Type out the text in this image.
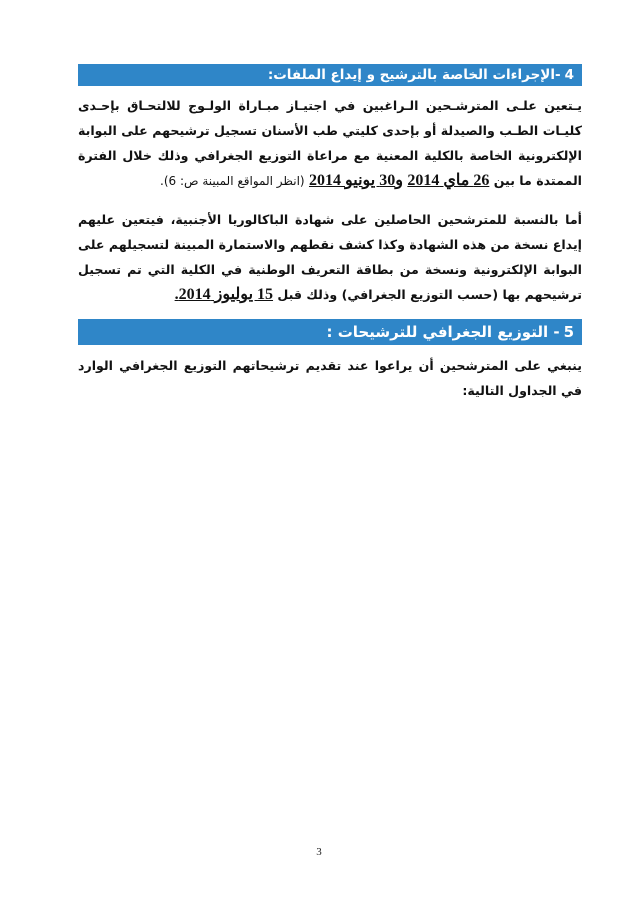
4
-الإجراءات الخاصة بالترشيح و إيداع الملفات:
يـتعين علـى المترشـحين الـراغبين في اجتيـاز مبـاراة الولـوج للالتحـاق بإحـدى كليـات الطـب والصيدلة أو بإحدى كليتي طب الأسنان تسجيل ترشيحهم على البوابة الإلكترونية الخاصة بالكلية المعنية مع مراعاة التوزيع الجغرافي وذلك خلال الفترة الممتدة ما بين 26 ماي 2014 و30 يونيو 2014 (انظر المواقع المبينة ص: 6).
أما بالنسبة للمترشحين الحاصلين على شهادة الباكالوريا الأجنبية، فيتعين عليهم إيداع نسخة من هذه الشهادة وكذا كشف نقطهم والاستمارة المبينة لتسجيلهم على البوابة الإلكترونية ونسخة من بطاقة التعريف الوطنية في الكلية التي تم تسجيل ترشيحهم بها (حسب التوزيع الجغرافي) وذلك قبل 15 يوليوز 2014.
5
- التوزيع الجغرافي للترشيحات :
ينبغي على المترشحين أن يراعوا عند تقديم ترشيحاتهم التوزيع الجغرافي الوارد في الجداول التالية:
3
